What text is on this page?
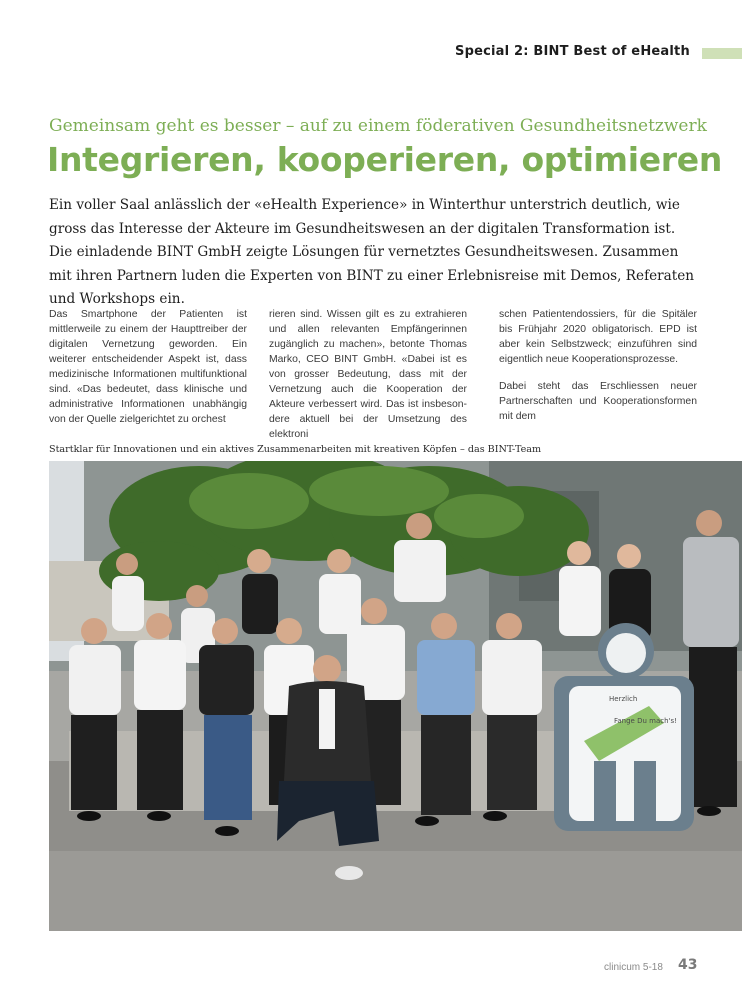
Special 2: BINT Best of eHealth
Gemeinsam geht es besser – auf zu einem föderativen Gesundheitsnetzwerk
Integrieren, kooperieren, optimieren
Ein voller Saal anlässlich der «eHealth Experience» in Winterthur unterstrich deutlich, wie gross das Interesse der Akteure im Gesundheitswesen an der digitalen Transformation ist. Die einladende BINT GmbH zeigte Lösungen für vernetztes Gesundheitswesen. Zusammen mit ihren Partnern luden die Experten von BINT zu einer Erlebnisreise mit Demos, Referaten und Workshops ein.

Das Smartphone der Patienten ist mittlerweile zu einem der Haupttreiber der digitalen Vernetzung geworden. Ein weiterer entscheidender Aspekt ist, dass medizinische Informationen multifunktional sind. «Das bedeutet, dass klinische und administrative Informationen unabhängig von der Quelle zielgerichtet zu orchest

rieren sind. Wissen gilt es zu extrahieren und allen relevanten Empfängerinnen zugänglich zu machen», betonte Thomas Marko, CEO BINT GmbH. «Dabei ist es von grosser Bedeutung, dass mit der Vernetzung auch die Kooperation der Akteure verbessert wird. Das ist insbesondere aktuell bei der Umsetzung des elektroni

schen Patientendossiers, für die Spitäler bis Frühjahr 2020 obligatorisch. EPD ist aber kein Selbstzweck; einzuführen sind eigentlich neue Kooperationsprozesse.

Dabei steht das Erschliessen neuer Partnerschaften und Kooperationsformen mit dem

Startklar für Innovationen und ein aktives Zusammenarbeiten mit kreativen Köpfen – das BINT-Team
Herzlich
Fange Du mach's!
clinicum 5-18 43
